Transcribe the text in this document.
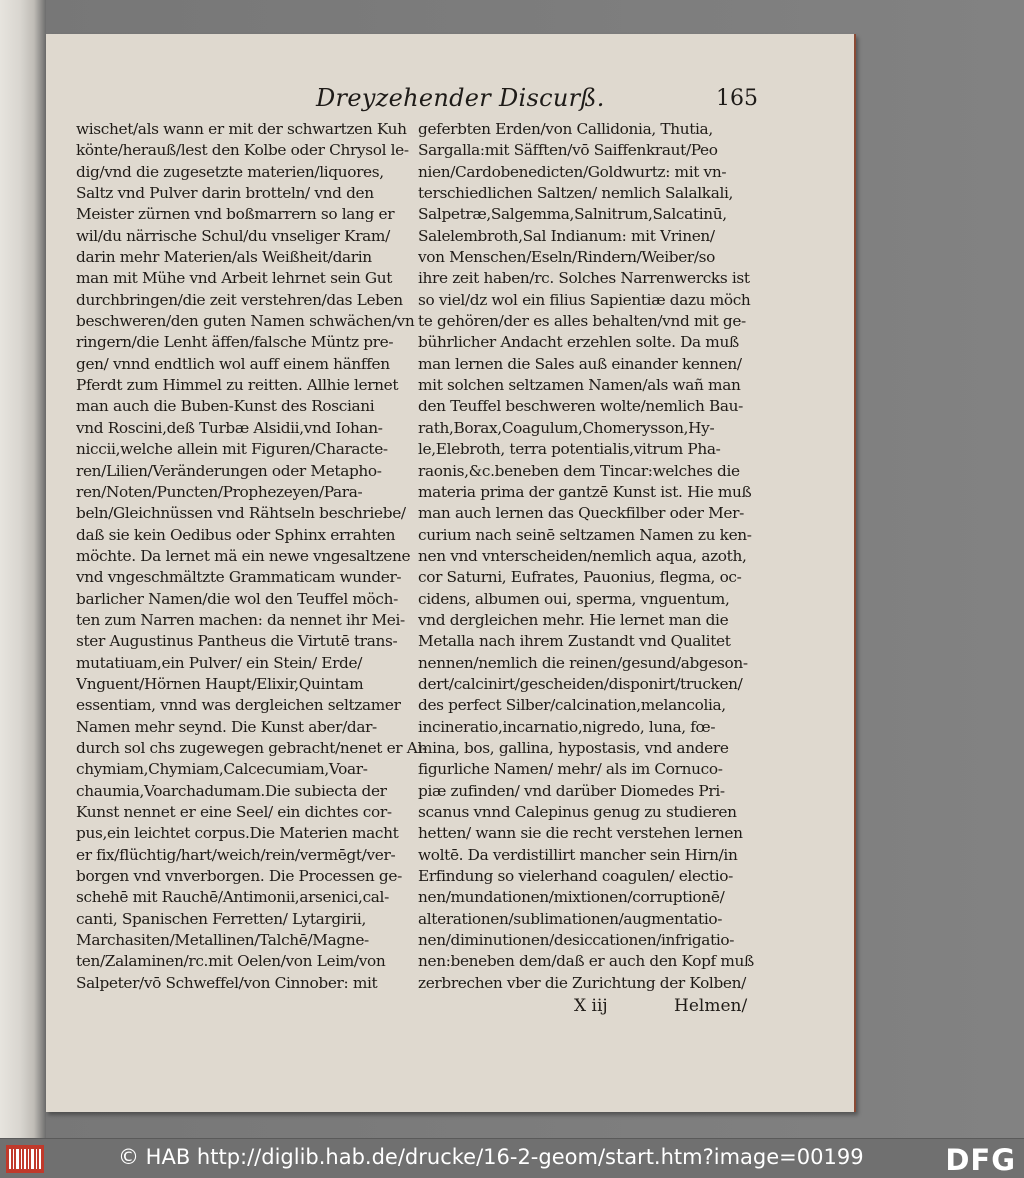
Dreyzehender Discurß.	165
wischet/als wann er mit der schwartzen Kuh
könte/herauß/lest den Kolbe oder Chrysol le-
dig/vnd die zugesetzte materien/liquores,
Saltz vnd Pulver darin brotteln/ vnd den
Meister zürnen vnd boßmarrern so lang er
wil/du närrische Schul/du vnseliger Kram/
darin mehr Materien/als Weißheit/darin
man mit Mühe vnd Arbeit lehrnet sein Gut
durchbringen/die zeit verstehren/das Leben
beschweren/den guten Namen schwächen/vn
ringern/die Lenht äffen/falsche Müntz pre-
gen/ vnnd endtlich wol auff einem hänffen
Pferdt zum Himmel zu reitten. Allhie lernet
man auch die Buben-Kunst des Rosciani
vnd Roscini,deß Turbæ Alsidii,vnd Iohan-
niccii,welche allein mit Figuren/Characte-
ren/Lilien/Veränderungen oder Metapho-
ren/Noten/Puncten/Prophezeyen/Para-
beln/Gleichnüssen vnd Rähtseln beschriebe/
daß sie kein Oedibus oder Sphinx errahten
möchte. Da lernet mä ein newe vngesaltzene
vnd vngeschmältzte Grammaticam wunder-
barlicher Namen/die wol den Teuffel möch-
ten zum Narren machen: da nennet ihr Mei-
ster Augustinus Pantheus die Virtutē trans-
mutatiuam,ein Pulver/ ein Stein/ Erde/
Vnguent/Hörnen Haupt/Elixir,Quintam
essentiam, vnnd was dergleichen seltzamer
Namen mehr seynd. Die Kunst aber/dar-
durch sol chs zugewegen gebracht/nenet er Al-
chymiam,Chymiam,Calcecumiam,Voar-
chaumia,Voarchadumam.Die subiecta der
Kunst nennet er eine Seel/ ein dichtes cor-
pus,ein leichtet corpus.Die Materien macht
er fix/flüchtig/hart/weich/rein/vermēgt/ver-
borgen vnd vnverborgen. Die Processen ge-
schehē mit Rauchē/Antimonii,arsenici,cal-
canti, Spanischen Ferretten/ Lytargirii,
Marchasiten/Metallinen/Talchē/Magne-
ten/Zalaminen/rc.mit Oelen/von Leim/von
Salpeter/vō Schweffel/von Cinnober: mit
geferbten Erden/von Callidonia, Thutia,
Sargalla:mit Säfften/vō Saiffenkraut/Peo
nien/Cardobenedicten/Goldwurtz: mit vn-
terschiedlichen Saltzen/ nemlich Salalkali,
Salpetræ,Salgemma,Salnitrum,Salcatinū,
Salelembroth,Sal Indianum: mit Vrinen/
von Menschen/Eseln/Rindern/Weiber/so
ihre zeit haben/rc. Solches Narrenwercks ist
so viel/dz wol ein filius Sapientiæ dazu möch
te gehören/der es alles behalten/vnd mit ge-
bührlicher Andacht erzehlen solte. Da muß
man lernen die Sales auß einander kennen/
mit solchen seltzamen Namen/als wañ man
den Teuffel beschweren wolte/nemlich Bau-
rath,Borax,Coagulum,Chomerysson,Hy-
le,Elebroth, terra potentialis,vitrum Pha-
raonis,&c.beneben dem Tincar:welches die
materia prima der gantzē Kunst ist. Hie muß
man auch lernen das Queckfilber oder Mer-
curium nach seinē seltzamen Namen zu ken-
nen vnd vnterscheiden/nemlich aqua, azoth,
cor Saturni, Eufrates, Pauonius, flegma, oc-
cidens, albumen oui, sperma, vnguentum,
vnd dergleichen mehr. Hie lernet man die
Metalla nach ihrem Zustandt vnd Qualitet
nennen/nemlich die reinen/gesund/abgeson-
dert/calcinirt/gescheiden/disponirt/trucken/
des perfect Silber/calcination,melancolia,
incineratio,incarnatio,nigredo, luna, fœ-
mina, bos, gallina, hypostasis, vnd andere
figurliche Namen/ mehr/ als im Cornuco-
piæ zufinden/ vnd darüber Diomedes Pri-
scanus vnnd Calepinus genug zu studieren
hetten/ wann sie die recht verstehen lernen
woltē. Da verdistillirt mancher sein Hirn/in
Erfindung so vielerhand coagulen/ electio-
nen/mundationen/mixtionen/corruptionē/
alterationen/sublimationen/augmentatio-
nen/diminutionen/desiccationen/infrigatio-
nen:beneben dem/daß er auch den Kopf muß
zerbrechen vber die Zurichtung der Kolben/
X iij	Helmen/
© HAB http://diglib.hab.de/drucke/16-2-geom/start.htm?image=00199	DFG
